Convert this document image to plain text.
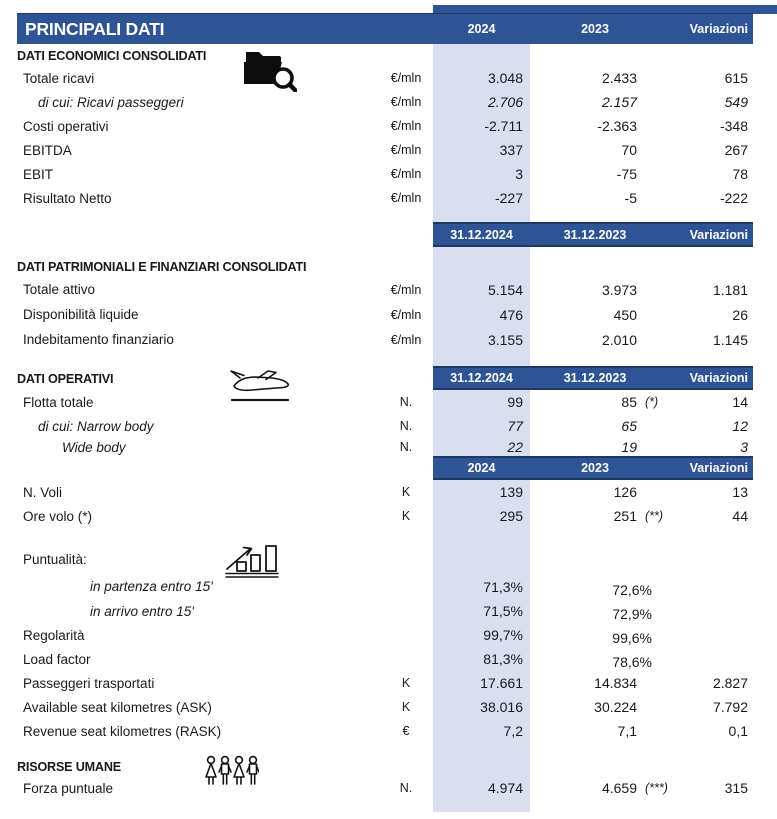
PRINCIPALI DATI	2024	2023	Variazioni
DATI ECONOMICI CONSOLIDATI
Totale ricavi	€/mln	3.048	2.433	615
di cui: Ricavi passeggeri	€/mln	2.706	2.157	549
Costi operativi	€/mln	-2.711	-2.363	-348
EBITDA	€/mln	337	70	267
EBIT	€/mln	3	-75	78
Risultato Netto	€/mln	-227	-5	-222
31.12.2024	31.12.2023	Variazioni
DATI PATRIMONIALI E FINANZIARI CONSOLIDATI
Totale attivo	€/mln	5.154	3.973	1.181
Disponibilità liquide	€/mln	476	450	26
Indebitamento finanziario	€/mln	3.155	2.010	1.145
31.12.2024	31.12.2023	Variazioni
DATI OPERATIVI
Flotta totale	N.	99	85 (*)	14
di cui: Narrow body	N.	77	65	12
Wide body	N.	22	19	3
2024	2023	Variazioni
N. Voli	K	139	126	13
Ore volo (*)	K	295	251 (**)	44
Puntualità:
in partenza entro 15'	71,3%	72,6%
in arrivo entro 15'	71,5%	72,9%
Regolarità	99,7%	99,6%
Load factor	81,3%	78,6%
Passeggeri trasportati	K	17.661	14.834	2.827
Available seat kilometres (ASK)	K	38.016	30.224	7.792
Revenue seat kilometres (RASK)	€	7,2	7,1	0,1
RISORSE UMANE
Forza puntuale	N.	4.974	4.659 (***)	315
